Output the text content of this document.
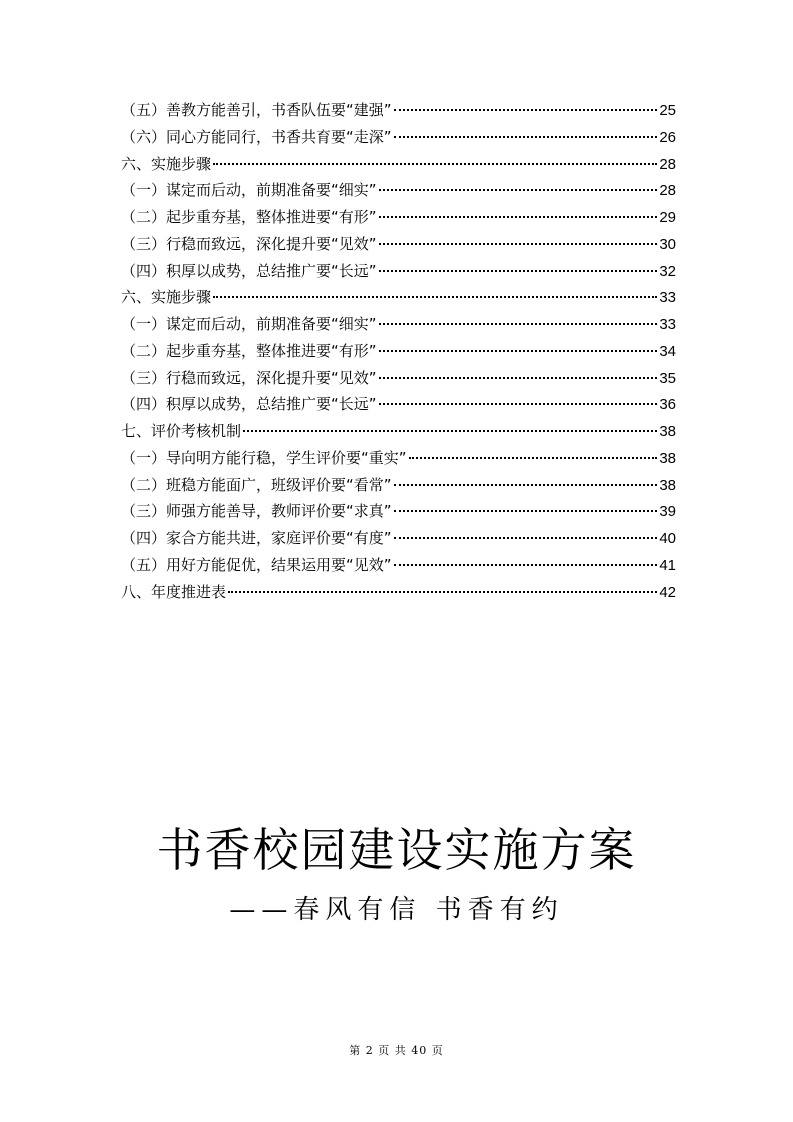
（五）善教方能善引，书香队伍要“建强”	25
（六）同心方能同行，书香共育要“走深”	26
六、实施步骤	28
（一）谋定而后动，前期准备要“细实”	28
（二）起步重夯基，整体推进要“有形”	29
（三）行稳而致远，深化提升要“见效”	30
（四）积厚以成势，总结推广要“长远”	32
六、实施步骤	33
（一）谋定而后动，前期准备要“细实”	33
（二）起步重夯基，整体推进要“有形”	34
（三）行稳而致远，深化提升要“见效”	35
（四）积厚以成势，总结推广要“长远”	36
七、评价考核机制	38
（一）导向明方能行稳，学生评价要“重实”	38
（二）班稳方能面广，班级评价要“看常”	38
（三）师强方能善导，教师评价要“求真”	39
（四）家合方能共进，家庭评价要“有度”	40
（五）用好方能促优，结果运用要“见效”	41
八、年度推进表	42
书香校园建设实施方案
——春风有信 书香有约
第 2 页 共 40 页
